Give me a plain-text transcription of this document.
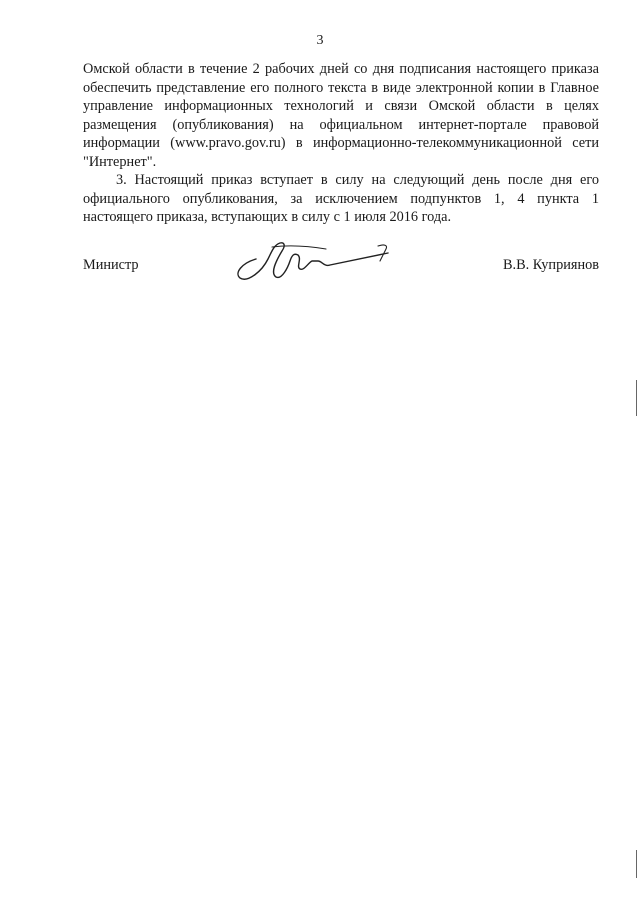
3

Омской области в течение 2 рабочих дней со дня подписания настоящего приказа обеспечить представление его полного текста в виде электронной копии в Главное управление информационных технологий и связи Омской области в целях размещения (опубликования) на официальном интернет-портале правовой информации (www.pravo.gov.ru) в информационно-телекоммуникационной сети "Интернет".

3. Настоящий приказ вступает в силу на следующий день после дня его официального опубликования, за исключением подпунктов 1, 4 пункта 1 настоящего приказа, вступающих в силу с 1 июля 2016 года.

Министр	В.В. Куприянов
